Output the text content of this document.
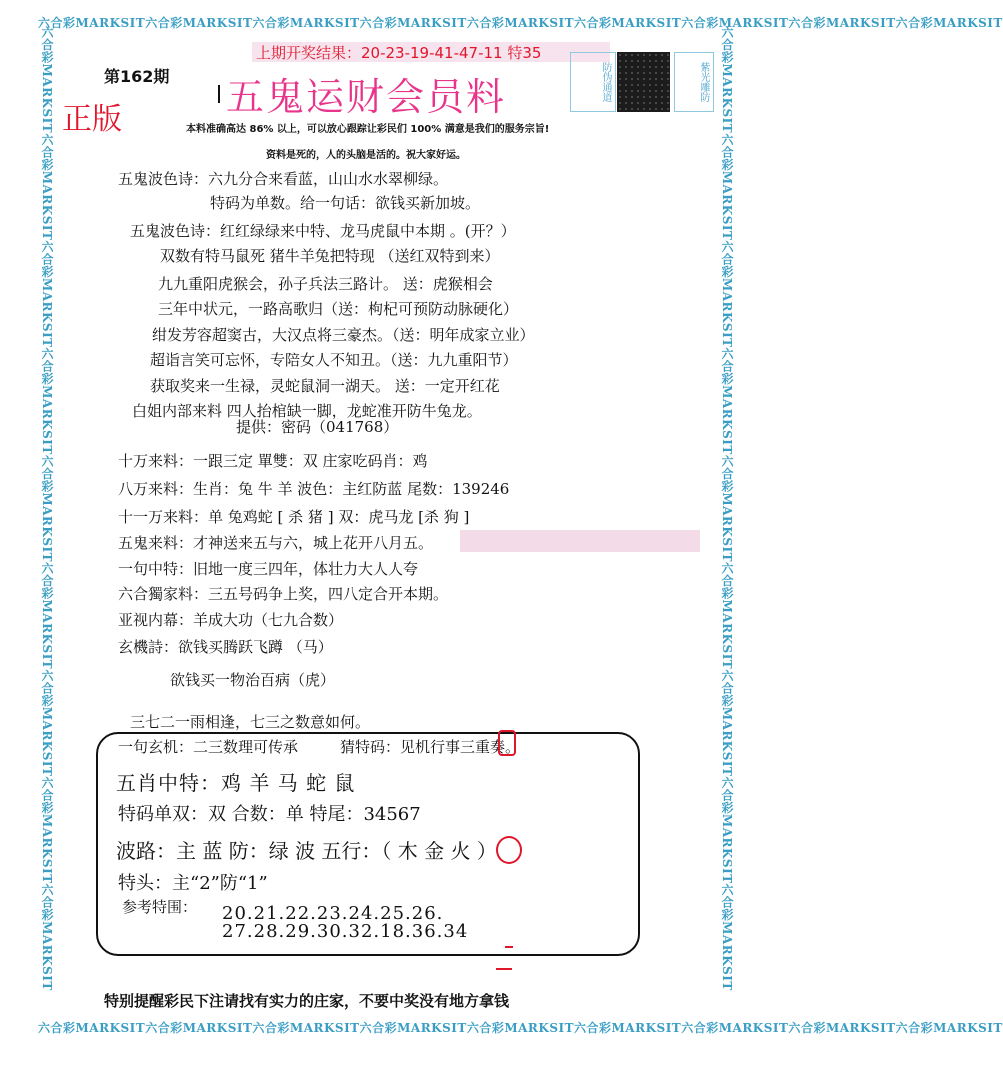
六合彩MARKSIT六合彩MARKSIT六合彩MARKSIT六合彩MARKSIT六合彩MARKSIT六合彩MARKSIT六合彩MARKSIT六合彩MARKSIT六合彩MARKSIT
六合彩MARKSIT六合彩MARKSIT六合彩MARKSIT六合彩MARKSIT六合彩MARKSIT六合彩MARKSIT六合彩MARKSIT六合彩MARKSIT六合彩MARKSIT
六合彩MARKSIT六合彩MARKSIT六合彩MARKSIT六合彩MARKSIT六合彩MARKSIT六合彩MARKSIT六合彩MARKSIT六合彩MARKSIT六合彩MARKSIT	六合彩MARKSIT六合彩MARKSIT六合彩MARKSIT六合彩MARKSIT六合彩MARKSIT六合彩MARKSIT六合彩MARKSIT六合彩MARKSIT六合彩MARKSIT
第162期
上期开奖结果：20-23-19-41-47-11 特35
五鬼运财会员料
正版
防伪通道	紫光雕防
本料准确高达 86% 以上，可以放心跟踪让彩民们 100% 满意是我们的服务宗旨!
资料是死的，人的头脑是活的。祝大家好运。
五鬼波色诗：六九分合来看蓝，山山水水翠柳绿。
特码为单数。给一句话：欲钱买新加坡。
五鬼波色诗：红红绿绿来中特、龙马虎鼠中本期 。(开？）
双数有特马鼠死 猪牛羊兔把特现 （送红双特到来）
九九重阳虎猴会，孙子兵法三路计。 送：虎猴相会
三年中状元，一路高歌归（送：枸杞可预防动脉硬化）
绀发芳容超窦古，大汉点将三豪杰。（送：明年成家立业）
超诣言笑可忘怀，专陪女人不知丑。（送：九九重阳节）
获取奖来一生禄，灵蛇鼠洞一湖天。 送：一定开红花
白姐内部来料 四人抬棺缺一脚，龙蛇准开防牛兔龙。
提供：密码（041768）
十万来料：一跟三定 單雙：双 庄家吃码肖：鸡
八万来料：生肖：兔 牛 羊 波色：主红防蓝 尾数：139246
十一万来料：单 兔鸡蛇 [ 杀 猪 ] 双：虎马龙 [杀 狗 ]
五鬼来料：才神送来五与六，城上花开八月五。
一句中特：旧地一度三四年，体壮力大人人夸
六合獨家料：三五号码争上奖，四八定合开本期。
亚视内幕：羊成大功（七九合数）
玄機詩：欲钱买腾跃飞蹲 （马）
欲钱买一物治百病（虎）
三七二一雨相逢，七三之数意如何。
一句玄机：二三数理可传承	猜特码：见机行事三重奏。
五肖中特：鸡 羊 马 蛇 鼠
特码单双：双 合数：单 特尾：34567
波路：主 蓝 防：绿 波 五行：（ 木 金 火 ）
特头：主“2”防“1”
参考特围： 20.21.22.23.24.25.26.
27.28.29.30.32.18.36.34
特别提醒彩民下注请找有实力的庄家，不要中奖没有地方拿钱
